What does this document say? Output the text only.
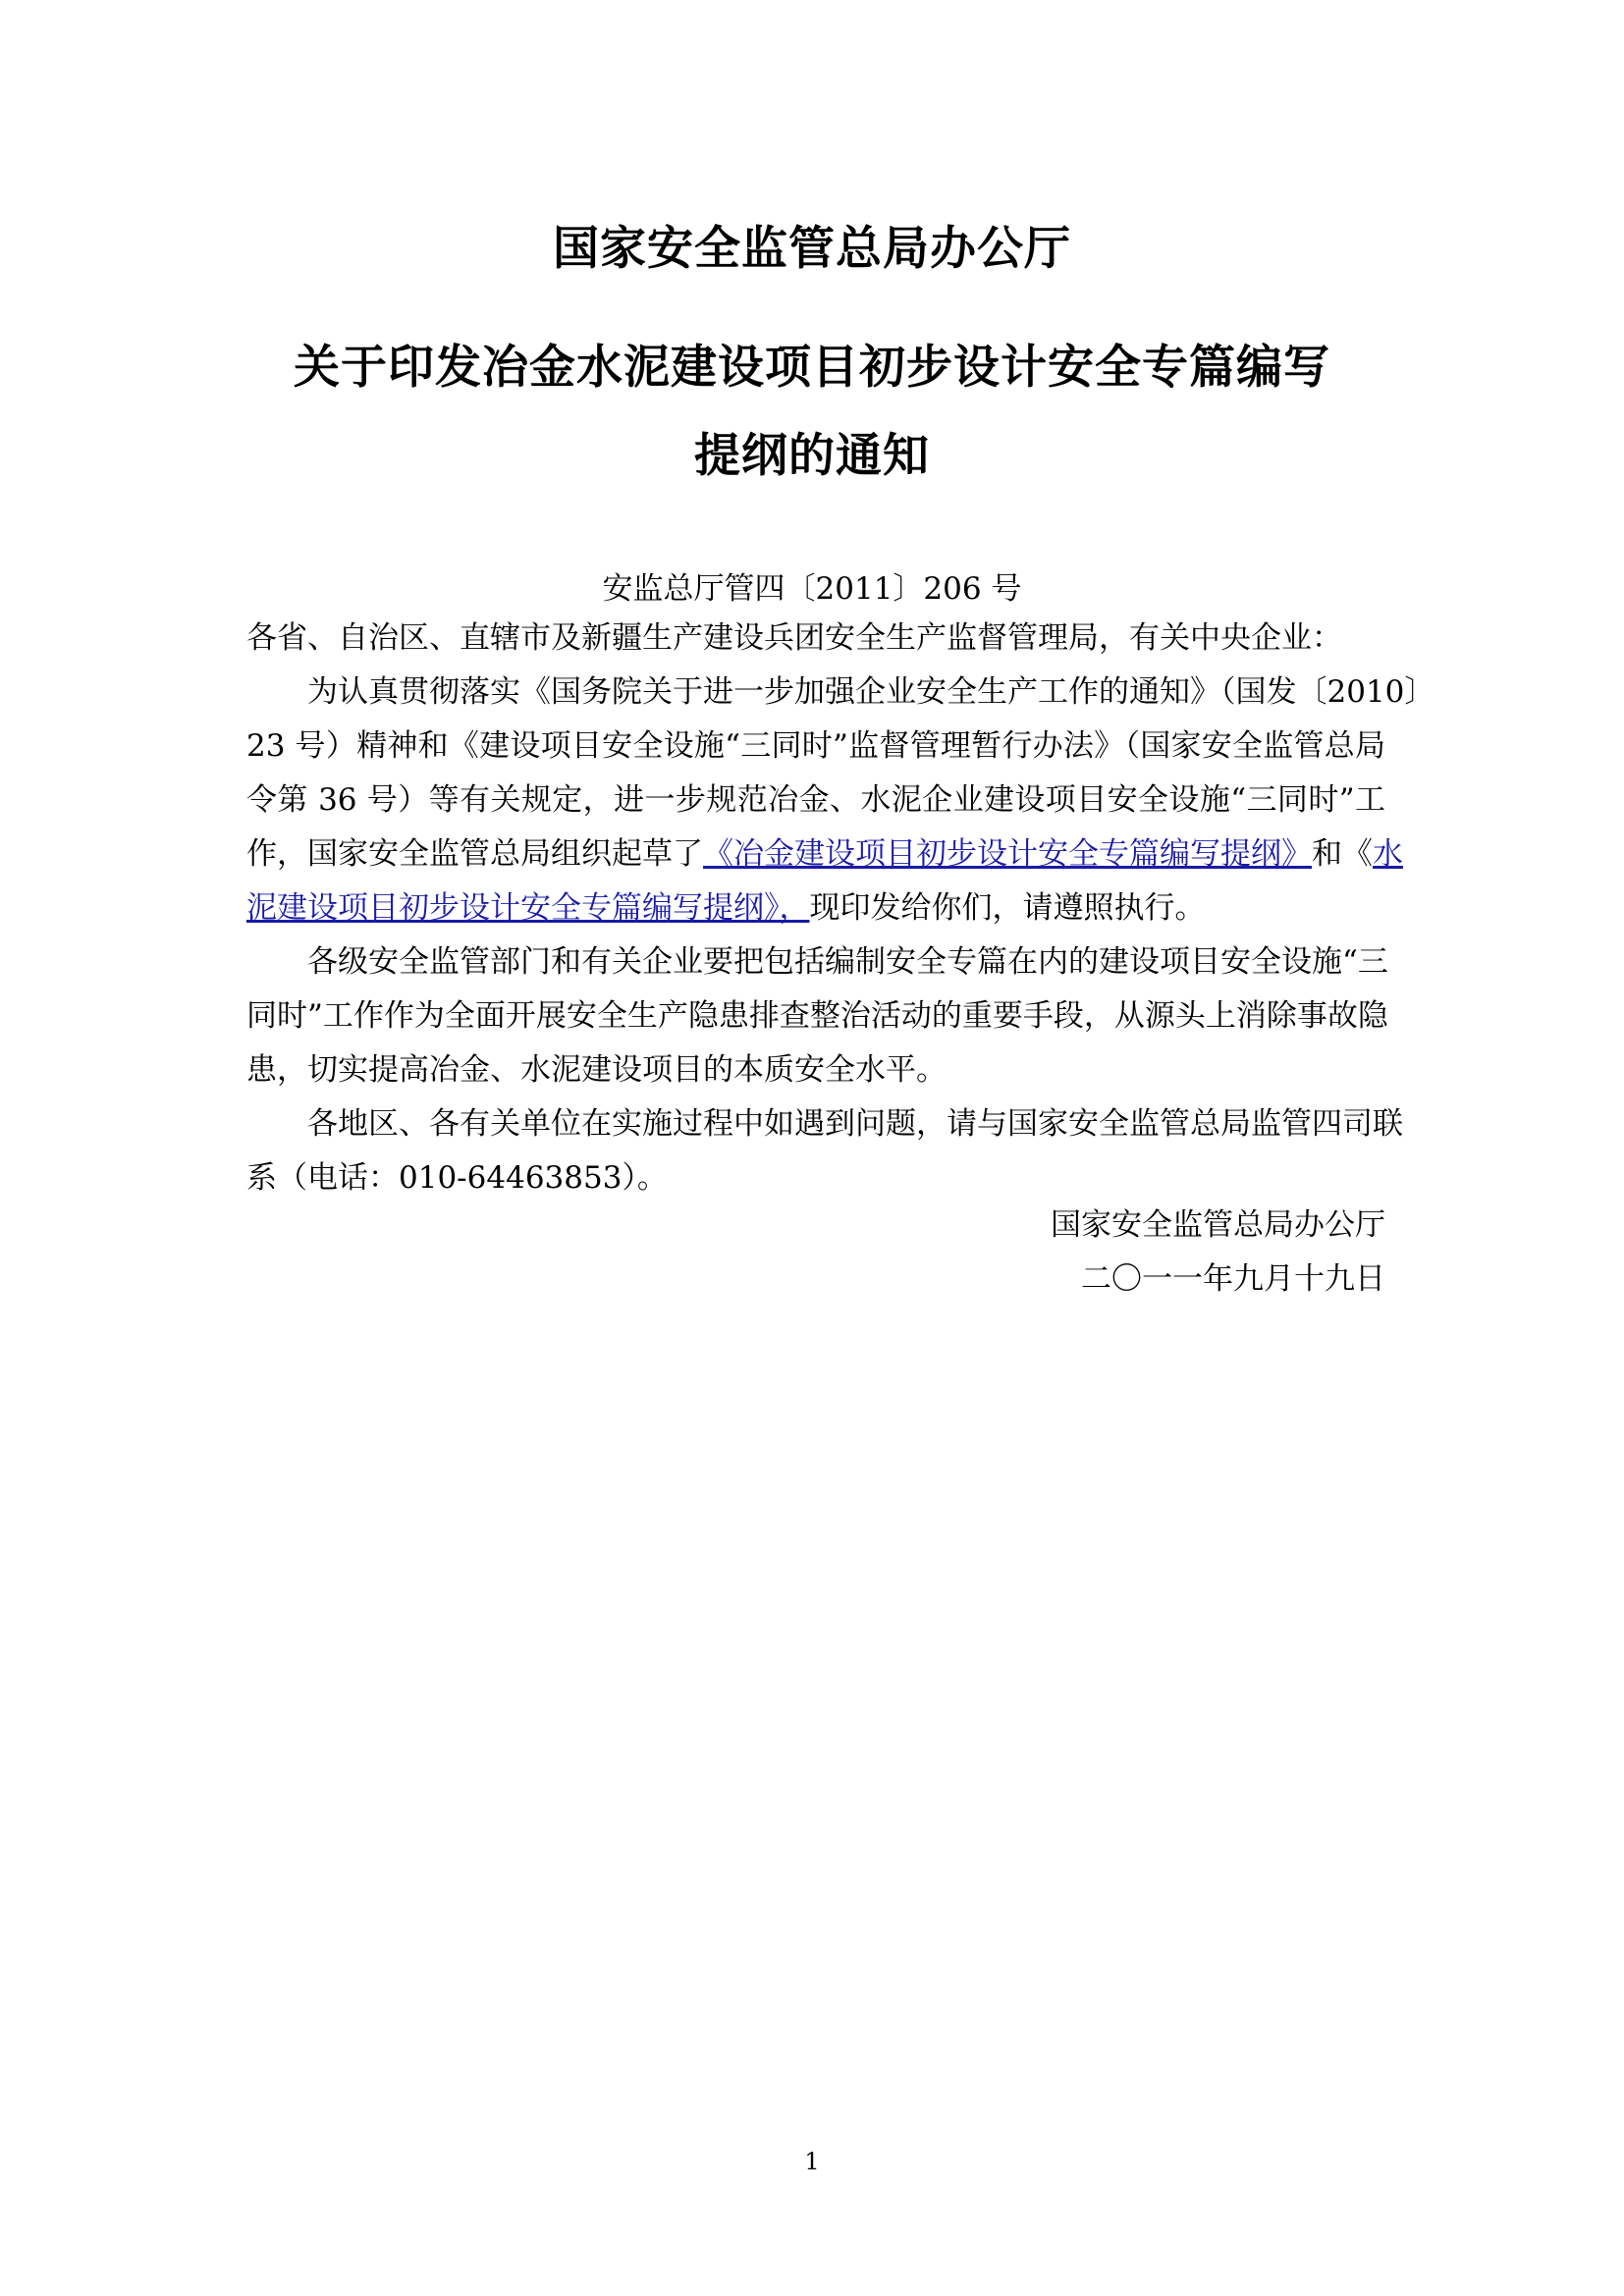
国家安全监管总局办公厅
关于印发冶金水泥建设项目初步设计安全专篇编写
提纲的通知
安监总厅管四〔2011〕206 号
各省、自治区、直辖市及新疆生产建设兵团安全生产监督管理局，有关中央企业：
为认真贯彻落实《国务院关于进一步加强企业安全生产工作的通知》（国发〔2010〕
23 号）精神和《建设项目安全设施“三同时”监督管理暂行办法》（国家安全监管总局
令第 36 号）等有关规定，进一步规范冶金、水泥企业建设项目安全设施“三同时”工
作，国家安全监管总局组织起草了《冶金建设项目初步设计安全专篇编写提纲》和《水
泥建设项目初步设计安全专篇编写提纲》，现印发给你们，请遵照执行。
各级安全监管部门和有关企业要把包括编制安全专篇在内的建设项目安全设施“三
同时”工作作为全面开展安全生产隐患排查整治活动的重要手段，从源头上消除事故隐
患，切实提高冶金、水泥建设项目的本质安全水平。
各地区、各有关单位在实施过程中如遇到问题，请与国家安全监管总局监管四司联
系（电话：010-64463853）。
国家安全监管总局办公厅
二〇一一年九月十九日
1
